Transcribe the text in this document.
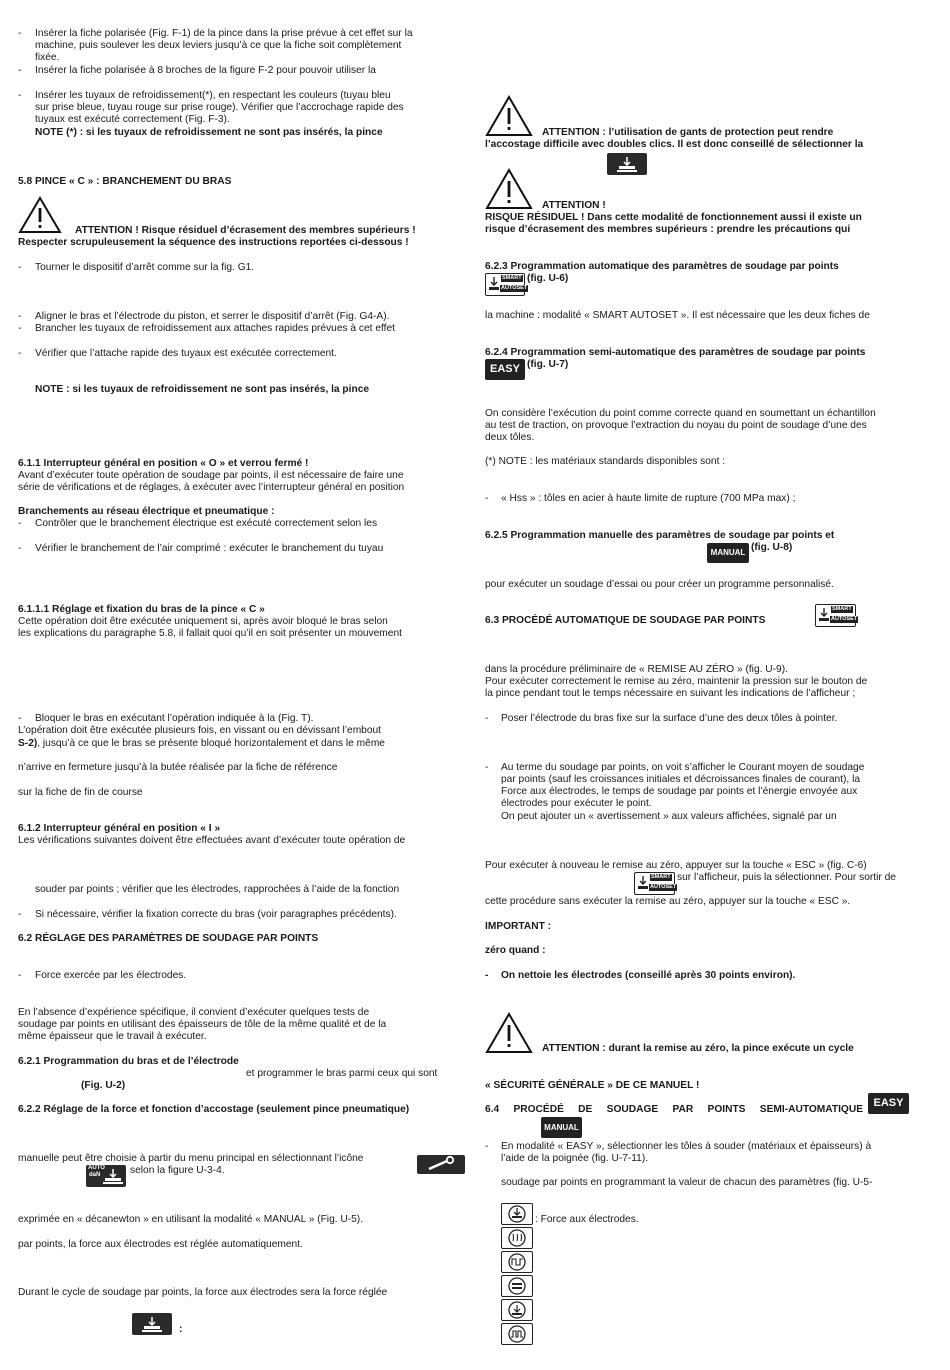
- Insérer la fiche polarisée (Fig. F-1) de la pince dans la prise prévue à cet effet sur la
machine, puis soulever les deux leviers jusqu’à ce que la fiche soit complètement
fixée.
- Insérer la fiche polarisée à 8 broches de la figure F-2 pour pouvoir utiliser la
- Insérer les tuyaux de refroidissement(*), en respectant les couleurs (tuyau bleu
sur prise bleue, tuyau rouge sur prise rouge). Vérifier que l’accrochage rapide des
tuyaux est exécuté correctement (Fig. F-3).
NOTE (*) : si les tuyaux de refroidissement ne sont pas insérés, la pince
5.8 PINCE « C » : BRANCHEMENT DU BRAS
ATTENTION ! Risque résiduel d’écrasement des membres supérieurs !
Respecter scrupuleusement la séquence des instructions reportées ci-dessous !
- Tourner le dispositif d’arrêt comme sur la fig. G1.
- Aligner le bras et l’électrode du piston, et serrer le dispositif d’arrêt (Fig. G4-A).
- Brancher les tuyaux de refroidissement aux attaches rapides prévues à cet effet
- Vérifier que l’attache rapide des tuyaux est exécutée correctement.
NOTE : si les tuyaux de refroidissement ne sont pas insérés, la pince
6.1.1 Interrupteur général en position « O » et verrou fermé !
Avant d’exécuter toute opération de soudage par points, il est nécessaire de faire une
série de vérifications et de réglages, à exécuter avec l’interrupteur général en position
Branchements au réseau électrique et pneumatique :
- Contrôler que le branchement électrique est exécuté correctement selon les
- Vérifier le branchement de l’air comprimé : exécuter le branchement du tuyau
6.1.1.1 Réglage et fixation du bras de la pince « C »
Cette opération doit être exécutée uniquement si, après avoir bloqué le bras selon
les explications du paragraphe 5.8, il fallait quoi qu’il en soit présenter un mouvement
- Bloquer le bras en exécutant l’opération indiquée à la (Fig. T).
L’opération doit être exécutée plusieurs fois, en vissant ou en dévissant l’embout
S-2), jusqu’à ce que le bras se présente bloqué horizontalement et dans le même
n’arrive en fermeture jusqu’à la butée réalisée par la fiche de référence
sur la fiche de fin de course
6.1.2 Interrupteur général en position « I »
Les vérifications suivantes doivent être effectuées avant d’exécuter toute opération de
souder par points ; vérifier que les électrodes, rapprochées à l’aide de la fonction
- Si nécessaire, vérifier la fixation correcte du bras (voir paragraphes précédents).
6.2 RÉGLAGE DES PARAMÈTRES DE SOUDAGE PAR POINTS
- Force exercée par les électrodes.
En l’absence d’expérience spécifique, il convient d’exécuter quelques tests de
soudage par points en utilisant des épaisseurs de tôle de la même qualité et de la
même épaisseur que le travail à exécuter.
6.2.1 Programmation du bras et de l’électrode
et programmer le bras parmi ceux qui sont
(Fig. U-2)
6.2.2 Réglage de la force et fonction d’accostage (seulement pince pneumatique)
manuelle peut être choisie à partir du menu principal en sélectionnant l’icône
AUTO
daN	selon la figure U-3-4.
exprimée en « décanewton » en utilisant la modalité « MANUAL » (Fig. U-5).
par points, la force aux électrodes est réglée automatiquement.
Durant le cycle de soudage par points, la force aux électrodes sera la force réglée
:
ATTENTION : l’utilisation de gants de protection peut rendre
l’accostage difficile avec doubles clics. Il est donc conseillé de sélectionner la
ATTENTION !
RISQUE RÉSIDUEL ! Dans cette modalité de fonctionnement aussi il existe un
risque d’écrasement des membres supérieurs : prendre les précautions qui
6.2.3 Programmation automatique des paramètres de soudage par points
SMART
AUTOSET
(fig. U-6)
la machine : modalité « SMART AUTOSET ». Il est nécessaire que les deux fiches de
6.2.4 Programmation semi-automatique des paramètres de soudage par points
EASY (fig. U-7)
On considère l’exécution du point comme correcte quand en soumettant un échantillon
au test de traction, on provoque l’extraction du noyau du point de soudage d’une des
deux tôles.
(*) NOTE : les matériaux standards disponibles sont :
- « Hss » : tôles en acier à haute limite de rupture (700 MPa max) ;
6.2.5 Programmation manuelle des paramètres de soudage par points et
MANUAL (fig. U-8)
pour exécuter un soudage d’essai ou pour créer un programme personnalisé.
6.3 PROCÉDÉ AUTOMATIQUE DE SOUDAGE PAR POINTS
SMART
AUTOSET
dans la procédure préliminaire de « REMISE AU ZÉRO » (fig. U-9).
Pour exécuter correctement le remise au zéro, maintenir la pression sur le bouton de
la pince pendant tout le temps nécessaire en suivant les indications de l’afficheur ;
- Poser l’électrode du bras fixe sur la surface d’une des deux tôles à pointer.
- Au terme du soudage par points, on voit s’afficher le Courant moyen de soudage
par points (sauf les croissances initiales et décroissances finales de courant), la
Force aux électrodes, le temps de soudage par points et l’énergie envoyée aux
électrodes pour exécuter le point.
On peut ajouter un « avertissement » aux valeurs affichées, signalé par un
Pour exécuter à nouveau le remise au zéro, appuyer sur la touche « ESC » (fig. C-6)
SMART
AUTOSET
sur l’afficheur, puis la sélectionner. Pour sortir de
cette procédure sans exécuter la remise au zéro, appuyer sur la touche « ESC ».
IMPORTANT :
zéro quand :
- On nettoie les électrodes (conseillé après 30 points environ).
ATTENTION : durant la remise au zéro, la pince exécute un cycle
« SÉCURITÉ GÉNÉRALE » DE CE MANUEL !
6.4 PROCÉDÉ DE SOUDAGE PAR POINTS SEMI-AUTOMATIQUE
EASY
MANUAL
- En modalité « EASY », sélectionner les tôles à souder (matériaux et épaisseurs) à
l’aide de la poignée (fig. U-7-11).
soudage par points en programmant la valeur de chacun des paramètres (fig. U-5-
: Force aux électrodes.
